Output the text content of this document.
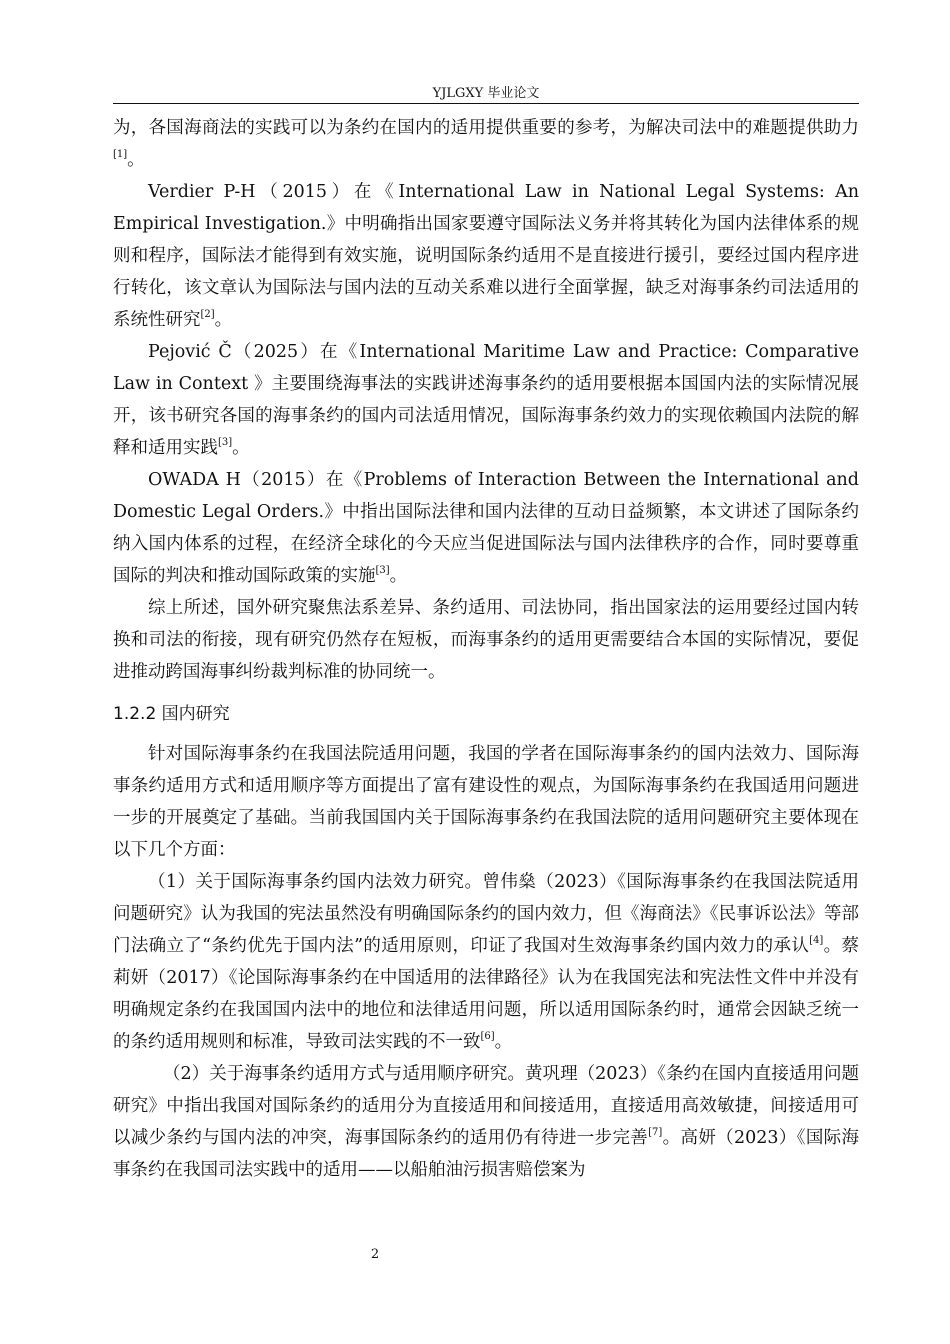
YJLGXY 毕业论文

为，各国海商法的实践可以为条约在国内的适用提供重要的参考，为解决司法中的难题提供助力[1]。

Verdier P-H（2015）在《International Law in National Legal Systems: An Empirical Investigation.》中明确指出国家要遵守国际法义务并将其转化为国内法律体系的规则和程序，国际法才能得到有效实施，说明国际条约适用不是直接进行援引，要经过国内程序进行转化，该文章认为国际法与国内法的互动关系难以进行全面掌握，缺乏对海事条约司法适用的系统性研究[2]。

Pejović Č（2025）在《International Maritime Law and Practice: Comparative Law in Context 》主要围绕海事法的实践讲述海事条约的适用要根据本国国内法的实际情况展开，该书研究各国的海事条约的国内司法适用情况，国际海事条约效力的实现依赖国内法院的解释和适用实践[3]。

OWADA H（2015）在《Problems of Interaction Between the International and Domestic Legal Orders.》中指出国际法律和国内法律的互动日益频繁，本文讲述了国际条约纳入国内体系的过程，在经济全球化的今天应当促进国际法与国内法律秩序的合作，同时要尊重国际的判决和推动国际政策的实施[3]。

综上所述，国外研究聚焦法系差异、条约适用、司法协同，指出国家法的运用要经过国内转换和司法的衔接，现有研究仍然存在短板，而海事条约的适用更需要结合本国的实际情况，要促进推动跨国海事纠纷裁判标准的协同统一。

1.2.2 国内研究

针对国际海事条约在我国法院适用问题，我国的学者在国际海事条约的国内法效力、国际海事条约适用方式和适用顺序等方面提出了富有建设性的观点，为国际海事条约在我国适用问题进一步的开展奠定了基础。当前我国国内关于国际海事条约在我国法院的适用问题研究主要体现在以下几个方面：

（1）关于国际海事条约国内法效力研究。曾伟燊（2023）《国际海事条约在我国法院适用问题研究》认为我国的宪法虽然没有明确国际条约的国内效力，但《海商法》《民事诉讼法》等部门法确立了“条约优先于国内法”的适用原则，印证了我国对生效海事条约国内效力的承认[4]。蔡莉妍（2017）《论国际海事条约在中国适用的法律路径》认为在我国宪法和宪法性文件中并没有明确规定条约在我国国内法中的地位和法律适用问题，所以适用国际条约时，通常会因缺乏统一的条约适用规则和标准，导致司法实践的不一致[6]。

（2）关于海事条约适用方式与适用顺序研究。黄巩理（2023）《条约在国内直接适用问题研究》中指出我国对国际条约的适用分为直接适用和间接适用，直接适用高效敏捷，间接适用可以减少条约与国内法的冲突，海事国际条约的适用仍有待进一步完善[7]。高妍（2023）《国际海事条约在我国司法实践中的适用——以船舶油污损害赔偿案为

2
